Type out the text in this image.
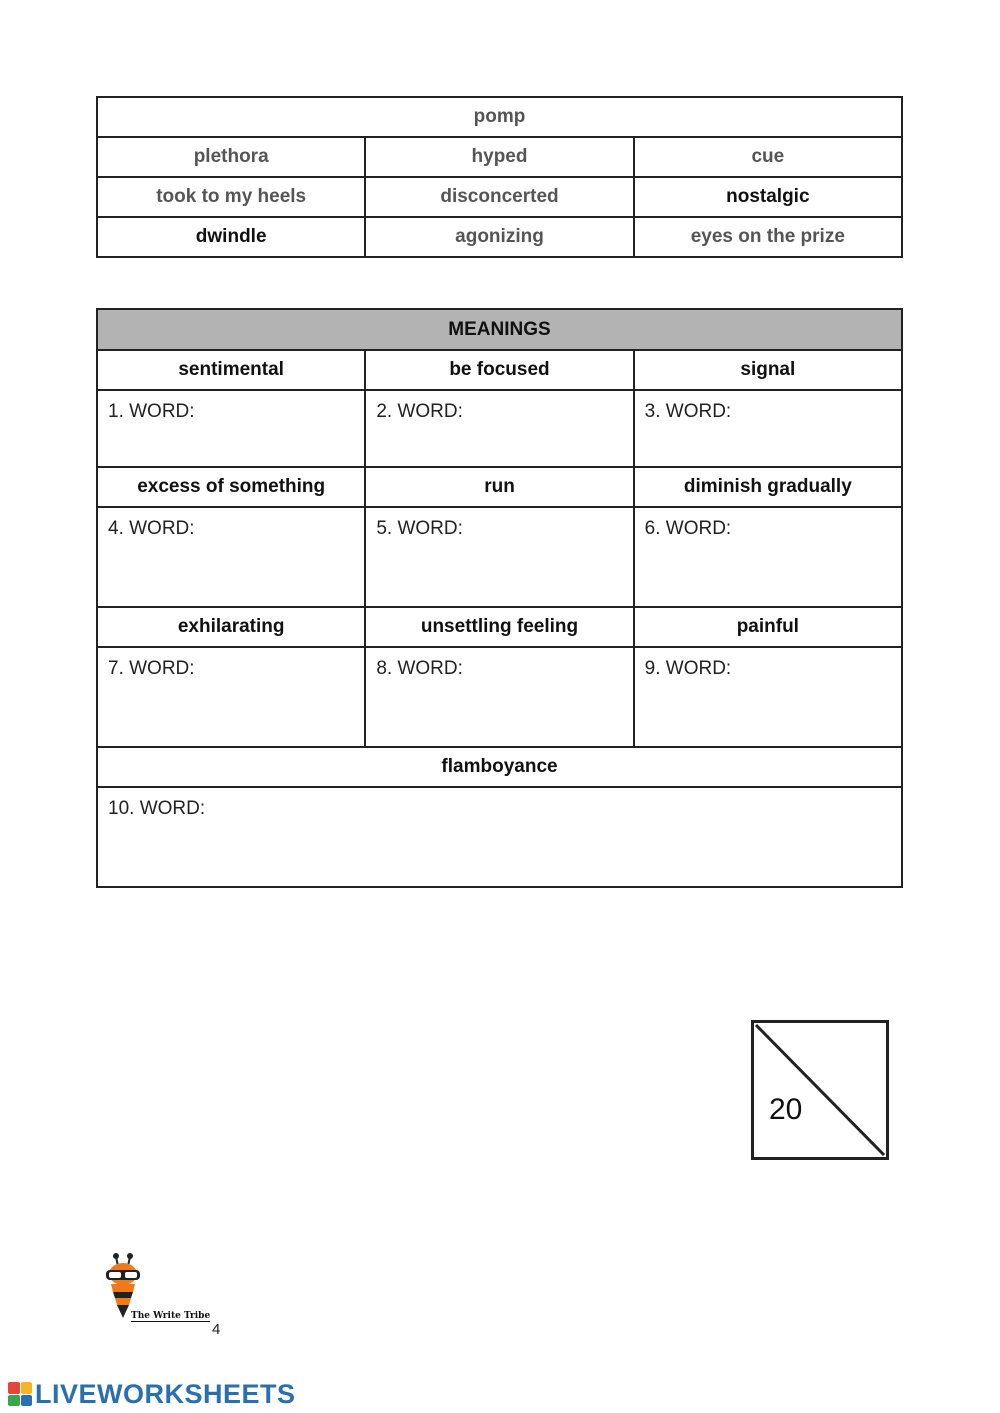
pomp		
plethora	hyped	cue
took to my heels	disconcerted	nostalgic
dwindle	agonizing	eyes on the prize
MEANINGS		
sentimental	be focused	signal
1. WORD:	2. WORD:	3. WORD:
excess of something	run	diminish gradually
4. WORD:	5. WORD:	6. WORD:
exhilarating	unsettling feeling	painful
7. WORD:	8. WORD:	9. WORD:
flamboyance		
10. WORD:		
20
The Write Tribe
4
LIVEWORKSHEETS
